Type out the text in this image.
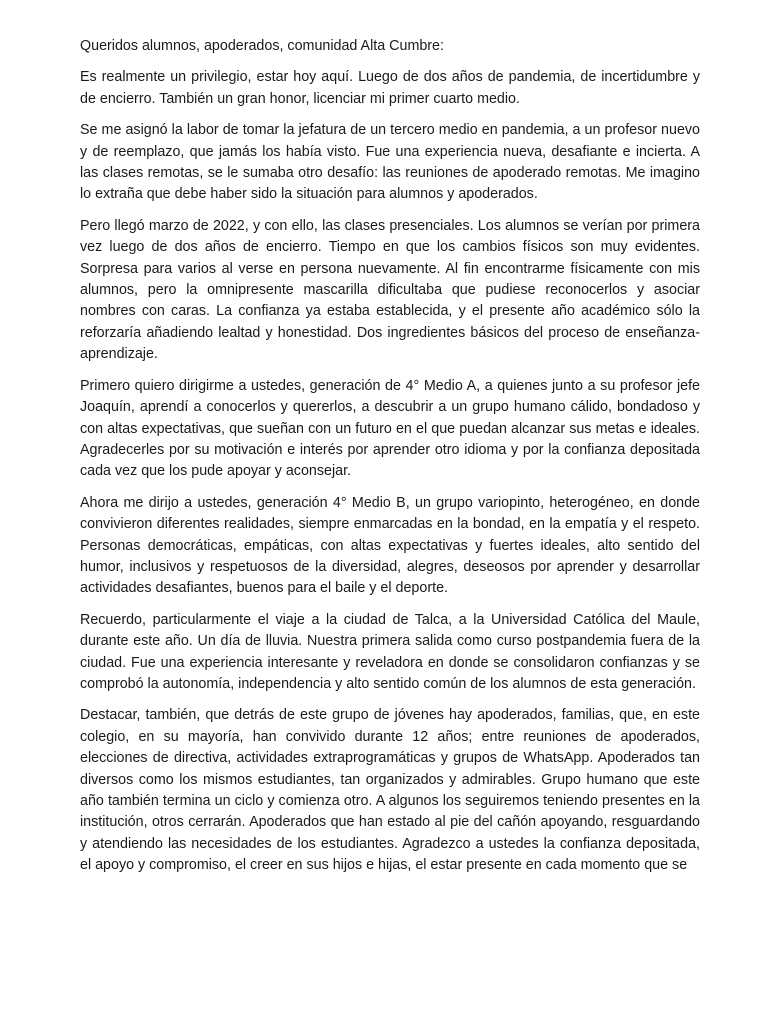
Queridos alumnos, apoderados, comunidad Alta Cumbre:

Es realmente un privilegio, estar hoy aquí. Luego de dos años de pandemia, de incertidumbre y de encierro. También un gran honor, licenciar mi primer cuarto medio.

Se me asignó la labor de tomar la jefatura de un tercero medio en pandemia, a un profesor nuevo y de reemplazo, que jamás los había visto. Fue una experiencia nueva, desafiante e incierta. A las clases remotas, se le sumaba otro desafío: las reuniones de apoderado remotas. Me imagino lo extraña que debe haber sido la situación para alumnos y apoderados.

Pero llegó marzo de 2022, y con ello, las clases presenciales. Los alumnos se verían por primera vez luego de dos años de encierro. Tiempo en que los cambios físicos son muy evidentes. Sorpresa para varios al verse en persona nuevamente. Al fin encontrarme físicamente con mis alumnos, pero la omnipresente mascarilla dificultaba que pudiese reconocerlos y asociar nombres con caras. La confianza ya estaba establecida, y el presente año académico sólo la reforzaría añadiendo lealtad y honestidad. Dos ingredientes básicos del proceso de enseñanza-aprendizaje.

Primero quiero dirigirme a ustedes, generación de 4° Medio A, a quienes junto a su profesor jefe Joaquín, aprendí a conocerlos y quererlos, a descubrir a un grupo humano cálido, bondadoso y con altas expectativas, que sueñan con un futuro en el que puedan alcanzar sus metas e ideales. Agradecerles por su motivación e interés por aprender otro idioma y por la confianza depositada cada vez que los pude apoyar y aconsejar.

Ahora me dirijo a ustedes, generación 4° Medio B, un grupo variopinto, heterogéneo, en donde convivieron diferentes realidades, siempre enmarcadas en la bondad, en la empatía y el respeto. Personas democráticas, empáticas, con altas expectativas y fuertes ideales, alto sentido del humor, inclusivos y respetuosos de la diversidad, alegres, deseosos por aprender y desarrollar actividades desafiantes, buenos para el baile y el deporte.

Recuerdo, particularmente el viaje a la ciudad de Talca, a la Universidad Católica del Maule, durante este año. Un día de lluvia. Nuestra primera salida como curso postpandemia fuera de la ciudad. Fue una experiencia interesante y reveladora en donde se consolidaron confianzas y se comprobó la autonomía, independencia y alto sentido común de los alumnos de esta generación.

Destacar, también, que detrás de este grupo de jóvenes hay apoderados, familias, que, en este colegio, en su mayoría, han convivido durante 12 años; entre reuniones de apoderados, elecciones de directiva, actividades extraprogramáticas y grupos de WhatsApp. Apoderados tan diversos como los mismos estudiantes, tan organizados y admirables. Grupo humano que este año también termina un ciclo y comienza otro. A algunos los seguiremos teniendo presentes en la institución, otros cerrarán. Apoderados que han estado al pie del cañón apoyando, resguardando y atendiendo las necesidades de los estudiantes. Agradezco a ustedes la confianza depositada, el apoyo y compromiso, el creer en sus hijos e hijas, el estar presente en cada momento que se
